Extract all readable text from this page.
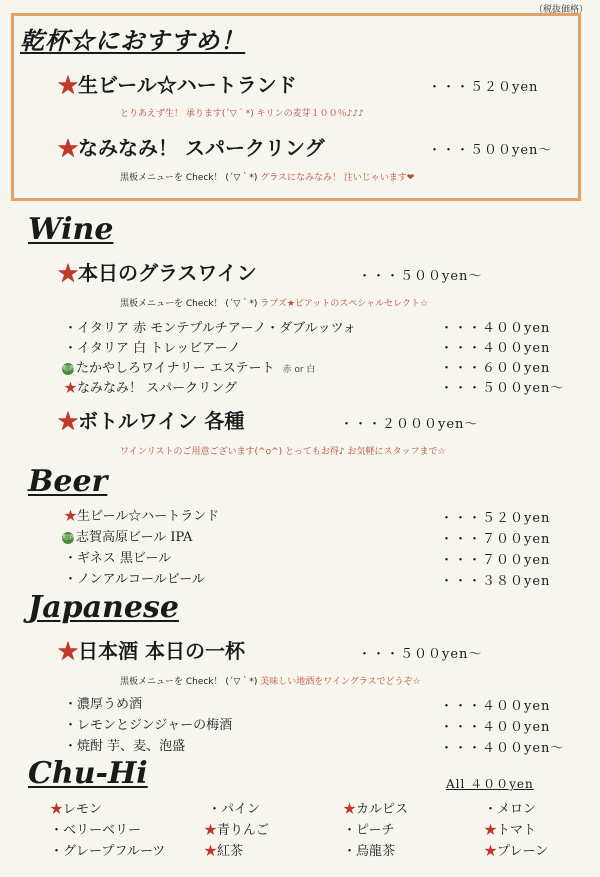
（税抜価格）
乾杯☆におすすめ！
★生ビール☆ハートランド	・・・５２０yen
とりあえず生！ 承ります(´▽｀*) キリンの麦芽１００％♪♪♪
★なみなみ！ スパークリング	・・・５００yen～
黒板メニューを Check！ (´▽｀*) グラスになみなみ！ 注いじゃいます❤
Wine
★本日のグラスワイン	・・・５００yen～
黒板メニューを Check！ (´▽｀*) ラブズ★ピアットのスペシャルセレクト☆
・イタリア 赤 モンテプルチアーノ・ダブルッツォ	・・・４００yen
・イタリア 白 トレッビアーノ	・・・４００yen
地酒 たかやしろワイナリー エステート 赤 or 白	・・・６００yen
★なみなみ！ スパークリング	・・・５００yen～
★ボトルワイン 各種	・・・２０００yen～
ワインリストのご用意ございます(^o^) とってもお得♪ お気軽にスタッフまで☆
Beer
★生ビール☆ハートランド	・・・５２０yen
地酒 志賀高原ビール IPA	・・・７００yen
・ギネス 黒ビール	・・・７００yen
・ノンアルコールビール	・・・３８０yen
Japanese
★日本酒 本日の一杯	・・・５００yen～
黒板メニューを Check！ (´▽｀*) 美味しい地酒をワイングラスでどうぞ☆
・濃厚うめ酒	・・・４００yen
・レモンとジンジャーの梅酒	・・・４００yen
・焼酎 芋、麦、泡盛	・・・４００yen～
Chu-Hi	All ４００yen
★レモン	・パイン	★カルピス	・メロン
・ベリーベリー	★青りんご	・ピーチ	★トマト
・グレープフルーツ	★紅茶	・烏龍茶	★プレーン
